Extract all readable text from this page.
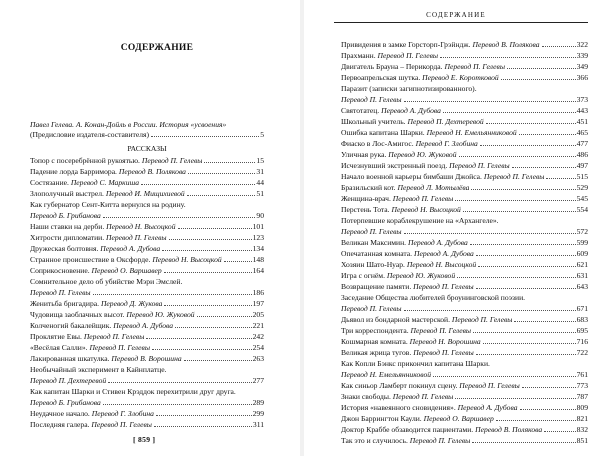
СОДЕРЖАНИЕ
Павел Гелева. А. Конан-Дойль в России. История «усвоения»
(Предисловие издателя-составителя)	5
РАССКАЗЫ
Топор с посеребрённой рукоятью. Перевод П. Гелевы	15
Падение лорда Барримора. Перевод В. Полякова	31
Состязание. Перевод С. Маркиша	44
Злополучный выстрел. Перевод И. Мищихиевой	51
Как губернатор Сент-Китта вернулся на родину.
Перевод Б. Грибанова	90
Наши ставки на дерби. Перевод Н. Высоцкой	101
Хитрости дипломатии. Перевод П. Гелевы	123
Дружеская болтовня. Перевод А. Дубова	134
Странное происшествие в Оксфорде. Перевод Н. Высоцкой	148
Соприкосновение. Перевод О. Варшавер	164
Сомнительное дело об убийстве Мэри Эмслей.
Перевод П. Гелевы	186
Женитьба бригадира. Перевод Д. Жукова	197
Чудовища заоблачных высот. Перевод Ю. Жуковой	205
Колченогий бакалейщик. Перевод А. Дубова	221
Проклятие Евы. Перевод П. Гелевы	242
«Весёлая Салли». Перевод П. Гелевы	254
Лакированная шкатулка. Перевод В. Ворошина	263
Необычайный эксперимент в Кайнплатце.
Перевод П. Дехтеревой	277
Как капитан Шарки и Стивен Крэддок перехитрили друг друга.
Перевод Б. Грибанова	289
Неудачное начало. Перевод Г. Злобина	299
Последняя галера. Перевод П. Гелевы	311
[ 859 ]
СОДЕРЖАНИЕ
Привидения в замке Горсторп-Грэйндж. Перевод В. Полякова	322
Прахманн. Перевод П. Гелевы	339
Двигатель Брауна – Перикорда. Перевод П. Гелевы	349
Первоапрельская шутка. Перевод Е. Коротковой	366
Паразит (записки загипнотизированного).
Перевод П. Гелевы	373
Святотатец. Перевод А. Дубова	443
Школьный учитель. Перевод П. Дехтеревой	451
Ошибка капитана Шарки. Перевод Н. Емельянниковой	465
Фиаско в Лос-Амигос. Перевод Г. Злобина	477
Уличная рука. Перевод Ю. Жуковой	486
Исчезнувший экстренный поезд. Перевод П. Гелевы	497
Начало военной карьеры бимбаши Джойса. Перевод П. Гелевы	515
Бразильский кот. Перевод Л. Мотылёва	529
Женщина-врач. Перевод П. Гелевы	545
Перстень Тота. Перевод Н. Высоцкой	554
Потерпевшие кораблекрушение на «Архангеле».
Перевод П. Гелевы	572
Великан Максимин. Перевод А. Дубова	599
Опечатанная комната. Перевод А. Дубова	609
Хозяин Шато-Нуар. Перевод Н. Высоцкой	621
Игра с огнём. Перевод Ю. Жуковой	631
Возвращение памяти. Перевод П. Гелевы	643
Заседание Общества любителей броунинговской поэзии.
Перевод П. Гелевы	671
Дьявол из бондарной мастерской. Перевод П. Гелевы	683
Три корреспондента. Перевод П. Гелевы	695
Кошмарная комната. Перевод Н. Ворошина	716
Великая жрица тугов. Перевод П. Гелевы	722
Как Копли Бэнкс прикончил капитана Шарки.
Перевод Н. Емельянниковой	761
Как синьор Ламберт покинул сцену. Перевод П. Гелевы	773
Знаки свободы. Перевод П. Гелевы	787
История «навеянного сновидения». Перевод А. Дубова	809
Джон Баррингтон Каули. Перевод О. Варшавер	821
Доктор Краббе обзаводится пациентами. Перевод В. Полякова	832
Так это и случилось. Перевод П. Гелевы	851
